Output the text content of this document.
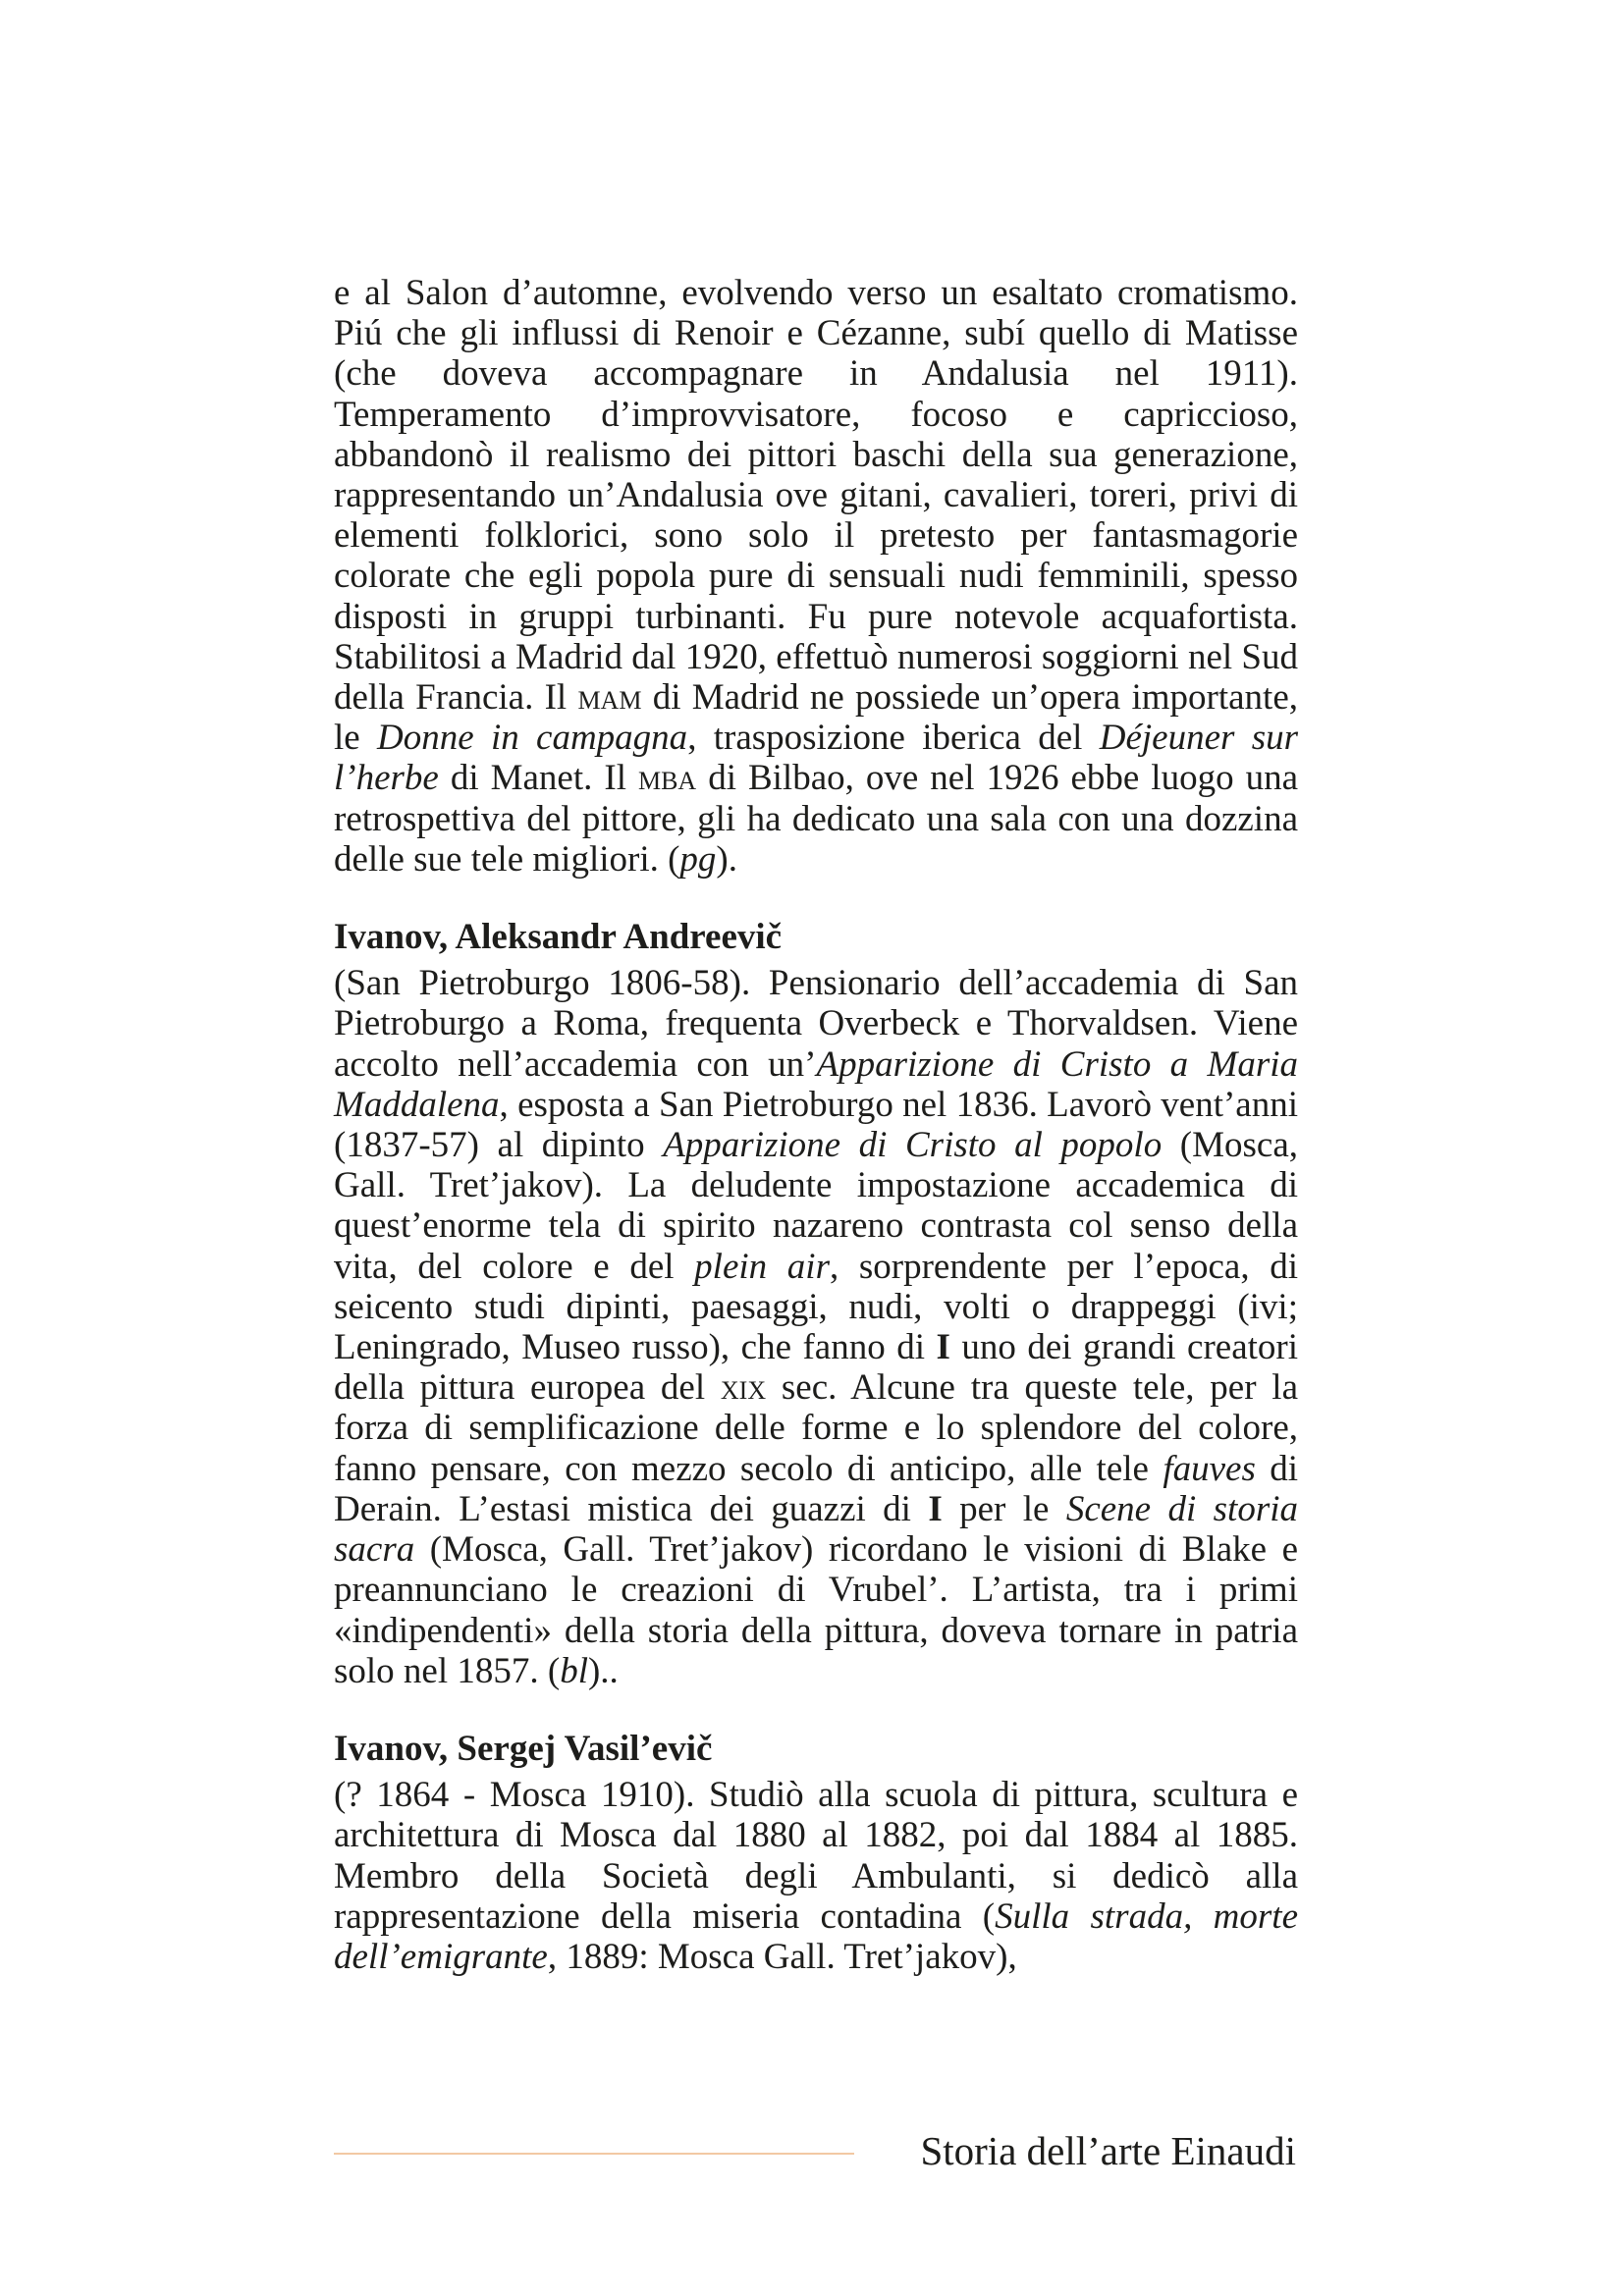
e al Salon d’automne, evolvendo verso un esaltato cromatismo. Piú che gli influssi di Renoir e Cézanne, subí quello di Matisse (che doveva accompagnare in Andalusia nel 1911). Temperamento d’improvvisatore, focoso e capriccioso, abbandonò il realismo dei pittori baschi della sua generazione, rappresentando un’Andalusia ove gitani, cavalieri, toreri, privi di elementi folklorici, sono solo il pretesto per fantasmagorie colorate che egli popola pure di sensuali nudi femminili, spesso disposti in gruppi turbinanti. Fu pure notevole acquafortista. Stabilitosi a Madrid dal 1920, effettuò numerosi soggiorni nel Sud della Francia. Il mam di Madrid ne possiede un’opera importante, le Donne in campagna, trasposizione iberica del Déjeuner sur l’herbe di Manet. Il mba di Bilbao, ove nel 1926 ebbe luogo una retrospettiva del pittore, gli ha dedicato una sala con una dozzina delle sue tele migliori. (pg).

Ivanov, Aleksandr Andreevič

(San Pietroburgo 1806-58). Pensionario dell’accademia di San Pietroburgo a Roma, frequenta Overbeck e Thorvaldsen. Viene accolto nell’accademia con un’Apparizione di Cristo a Maria Maddalena, esposta a San Pietroburgo nel 1836. Lavorò vent’anni (1837-57) al dipinto Apparizione di Cristo al popolo (Mosca, Gall. Tret’jakov). La deludente impostazione accademica di quest’enorme tela di spirito nazareno contrasta col senso della vita, del colore e del plein air, sorprendente per l’epoca, di seicento studi dipinti, paesaggi, nudi, volti o drappeggi (ivi; Leningrado, Museo russo), che fanno di I uno dei grandi creatori della pittura europea del xix sec. Alcune tra queste tele, per la forza di semplificazione delle forme e lo splendore del colore, fanno pensare, con mezzo secolo di anticipo, alle tele fauves di Derain. L’estasi mistica dei guazzi di I per le Scene di storia sacra (Mosca, Gall. Tret’jakov) ricordano le visioni di Blake e preannunciano le creazioni di Vrubel’. L’artista, tra i primi «indipendenti» della storia della pittura, doveva tornare in patria solo nel 1857. (bl)..

Ivanov, Sergej Vasil’evič

(? 1864 - Mosca 1910). Studiò alla scuola di pittura, scultura e architettura di Mosca dal 1880 al 1882, poi dal 1884 al 1885. Membro della Società degli Ambulanti, si dedicò alla rappresentazione della miseria contadina (Sulla strada, morte dell’emigrante, 1889: Mosca Gall. Tret’jakov),

Storia dell’arte Einaudi
